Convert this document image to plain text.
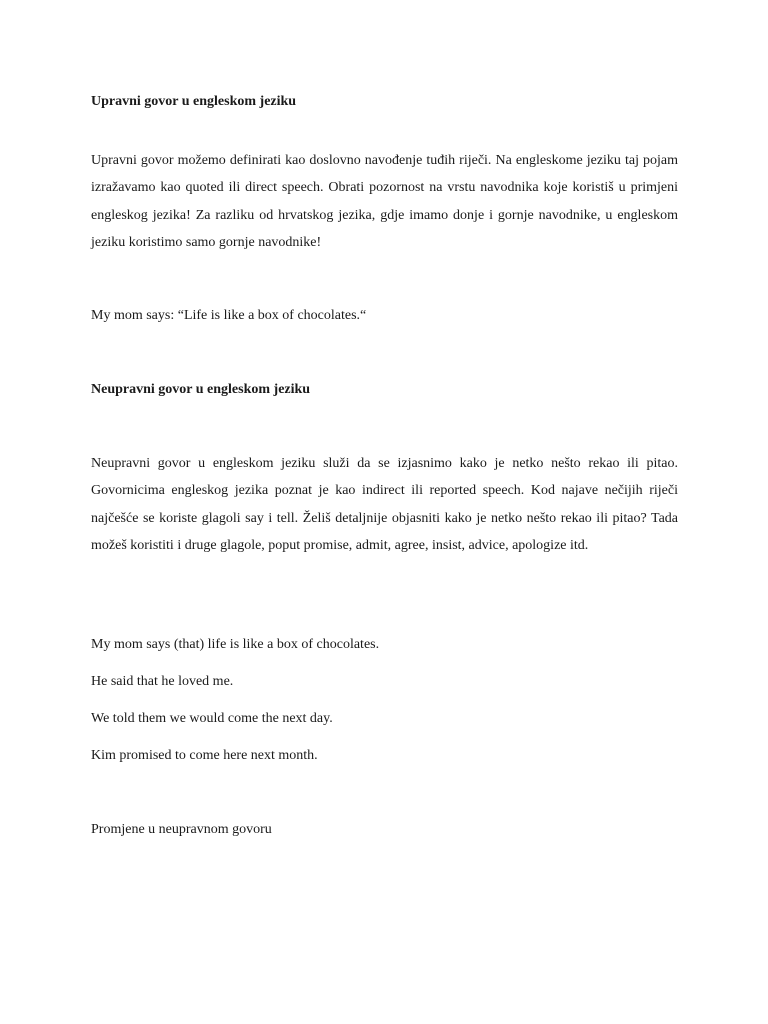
Upravni govor u engleskom jeziku
Upravni govor možemo definirati kao doslovno navođenje tuđih riječi. Na engleskome jeziku taj pojam izražavamo kao quoted ili direct speech. Obrati pozornost na vrstu navodnika koje koristiš u primjeni engleskog jezika! Za razliku od hrvatskog jezika, gdje imamo donje i gornje navodnike, u engleskom jeziku koristimo samo gornje navodnike!
My mom says: “Life is like a box of chocolates.“
Neupravni govor u engleskom jeziku
Neupravni govor u engleskom jeziku služi da se izjasnimo kako je netko nešto rekao ili pitao. Govornicima engleskog jezika poznat je kao indirect ili reported speech. Kod najave nečijih riječi najčešće se koriste glagoli say i tell. Želiš detaljnije objasniti kako je netko nešto rekao ili pitao? Tada možeš koristiti i druge glagole, poput promise, admit, agree, insist, advice, apologize itd.
My mom says (that) life is like a box of chocolates.
He said that he loved me.
We told them we would come the next day.
Kim promised to come here next month.
Promjene u neupravnom govoru
